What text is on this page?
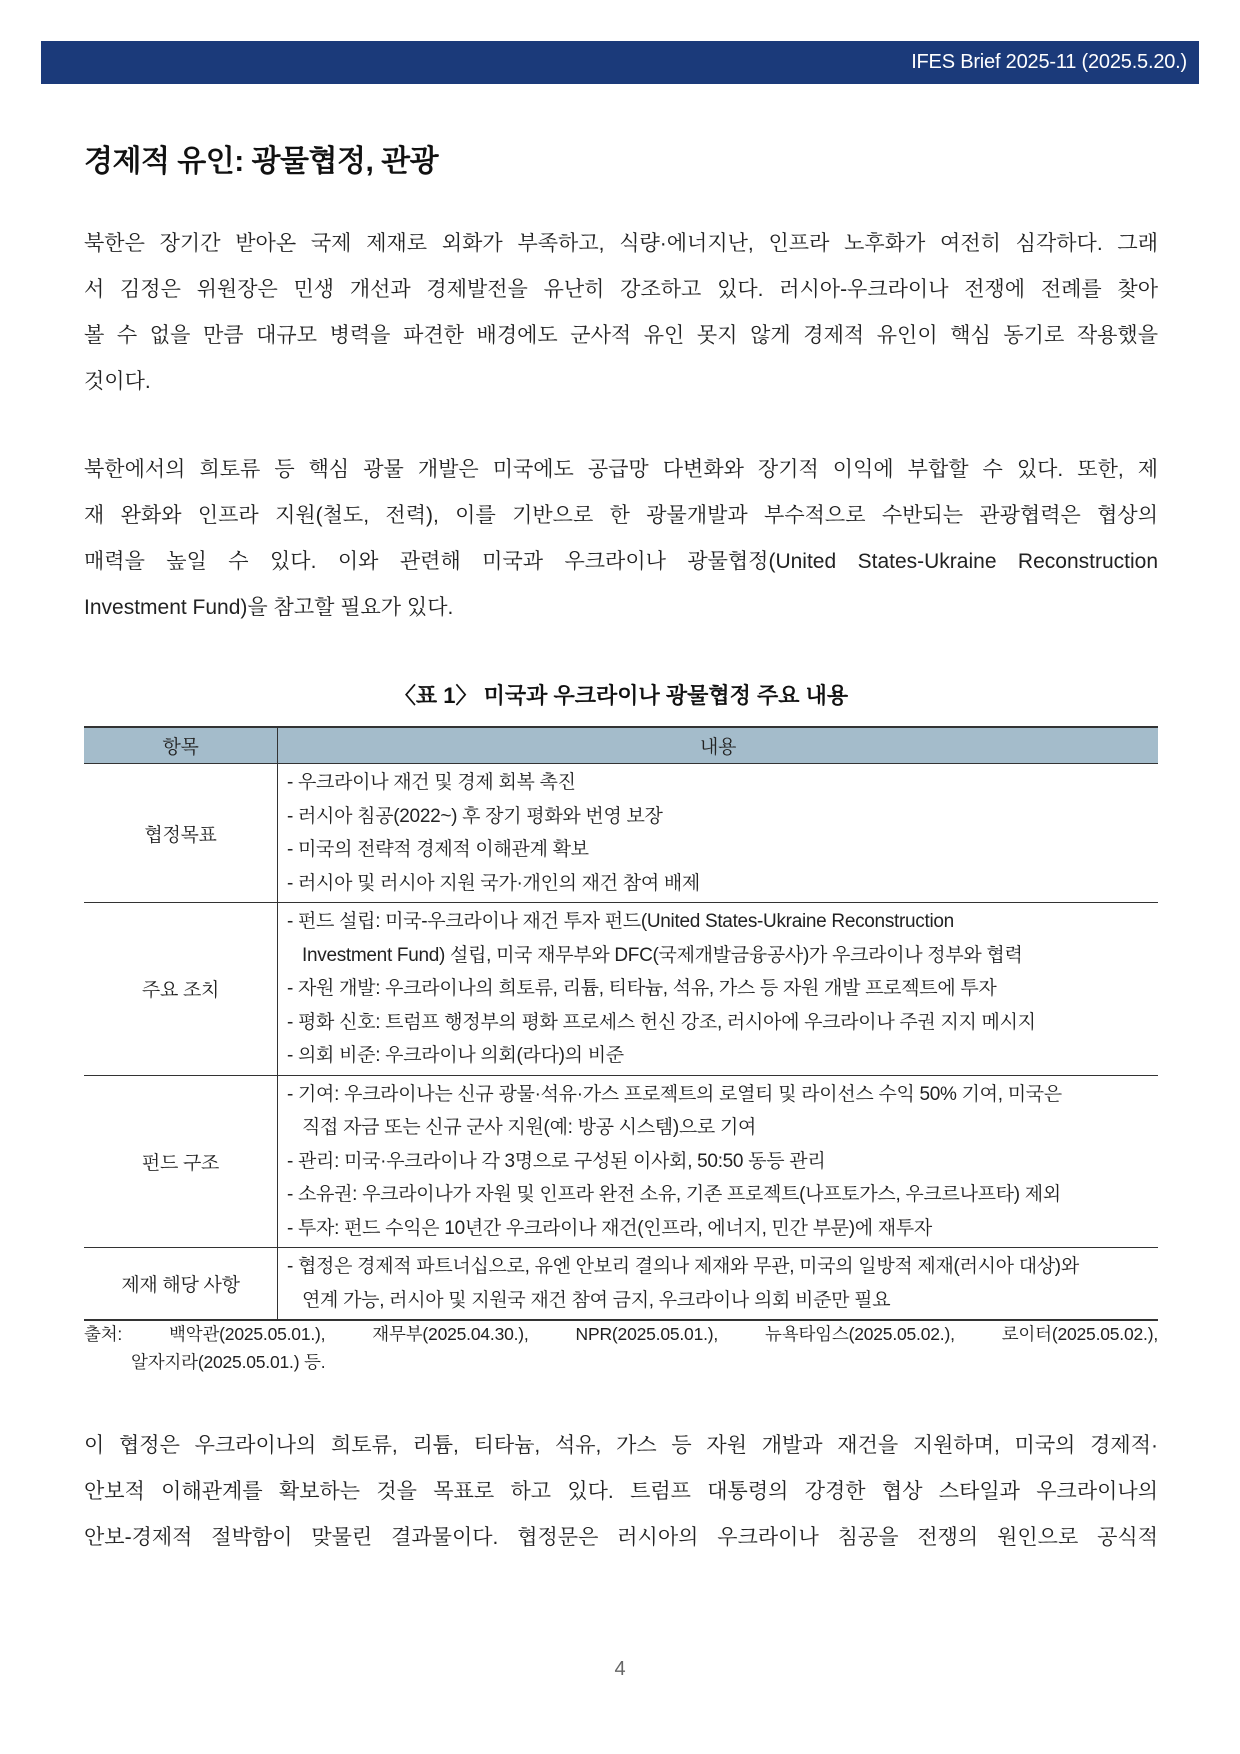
IFES Brief 2025-11 (2025.5.20.)
경제적 유인: 광물협정, 관광
북한은 장기간 받아온 국제 제재로 외화가 부족하고, 식량·에너지난, 인프라 노후화가 여전히 심각하다. 그래
서 김정은 위원장은 민생 개선과 경제발전을 유난히 강조하고 있다. 러시아-우크라이나 전쟁에 전례를 찾아
볼 수 없을 만큼 대규모 병력을 파견한 배경에도 군사적 유인 못지 않게 경제적 유인이 핵심 동기로 작용했을
것이다.
북한에서의 희토류 등 핵심 광물 개발은 미국에도 공급망 다변화와 장기적 이익에 부합할 수 있다. 또한, 제
재 완화와 인프라 지원(철도, 전력), 이를 기반으로 한 광물개발과 부수적으로 수반되는 관광협력은 협상의
매력을 높일 수 있다. 이와 관련해 미국과 우크라이나 광물협정(United States-Ukraine Reconstruction
Investment Fund)을 참고할 필요가 있다.
〈표 1〉 미국과 우크라이나 광물협정 주요 내용
항목	내용
협정목표	- 우크라이나 재건 및 경제 회복 촉진
- 러시아 침공(2022~) 후 장기 평화와 번영 보장
- 미국의 전략적 경제적 이해관계 확보
- 러시아 및 러시아 지원 국가·개인의 재건 참여 배제

주요 조치	- 펀드 설립: 미국-우크라이나 재건 투자 펀드(United States-Ukraine Reconstruction
Investment Fund) 설립, 미국 재무부와 DFC(국제개발금융공사)가 우크라이나 정부와 협력
- 자원 개발: 우크라이나의 희토류, 리튬, 티타늄, 석유, 가스 등 자원 개발 프로젝트에 투자
- 평화 신호: 트럼프 행정부의 평화 프로세스 헌신 강조, 러시아에 우크라이나 주권 지지 메시지
- 의회 비준: 우크라이나 의회(라다)의 비준

펀드 구조	- 기여: 우크라이나는 신규 광물·석유·가스 프로젝트의 로열티 및 라이선스 수익 50% 기여, 미국은
직접 자금 또는 신규 군사 지원(예: 방공 시스템)으로 기여
- 관리: 미국·우크라이나 각 3명으로 구성된 이사회, 50:50 동등 관리
- 소유권: 우크라이나가 자원 및 인프라 완전 소유, 기존 프로젝트(나프토가스, 우크르나프타) 제외
- 투자: 펀드 수익은 10년간 우크라이나 재건(인프라, 에너지, 민간 부문)에 재투자

제재 해당 사항	- 협정은 경제적 파트너십으로, 유엔 안보리 결의나 제재와 무관, 미국의 일방적 제재(러시아 대상)와
연계 가능, 러시아 및 지원국 재건 참여 금지, 우크라이나 의회 비준만 필요
출처: 백악관(2025.05.01.), 재무부(2025.04.30.), NPR(2025.05.01.), 뉴욕타임스(2025.05.02.), 로이터(2025.05.02.),
알자지라(2025.05.01.) 등.
이 협정은 우크라이나의 희토류, 리튬, 티타늄, 석유, 가스 등 자원 개발과 재건을 지원하며, 미국의 경제적·
안보적 이해관계를 확보하는 것을 목표로 하고 있다. 트럼프 대통령의 강경한 협상 스타일과 우크라이나의
안보-경제적 절박함이 맞물린 결과물이다. 협정문은 러시아의 우크라이나 침공을 전쟁의 원인으로 공식적
4
